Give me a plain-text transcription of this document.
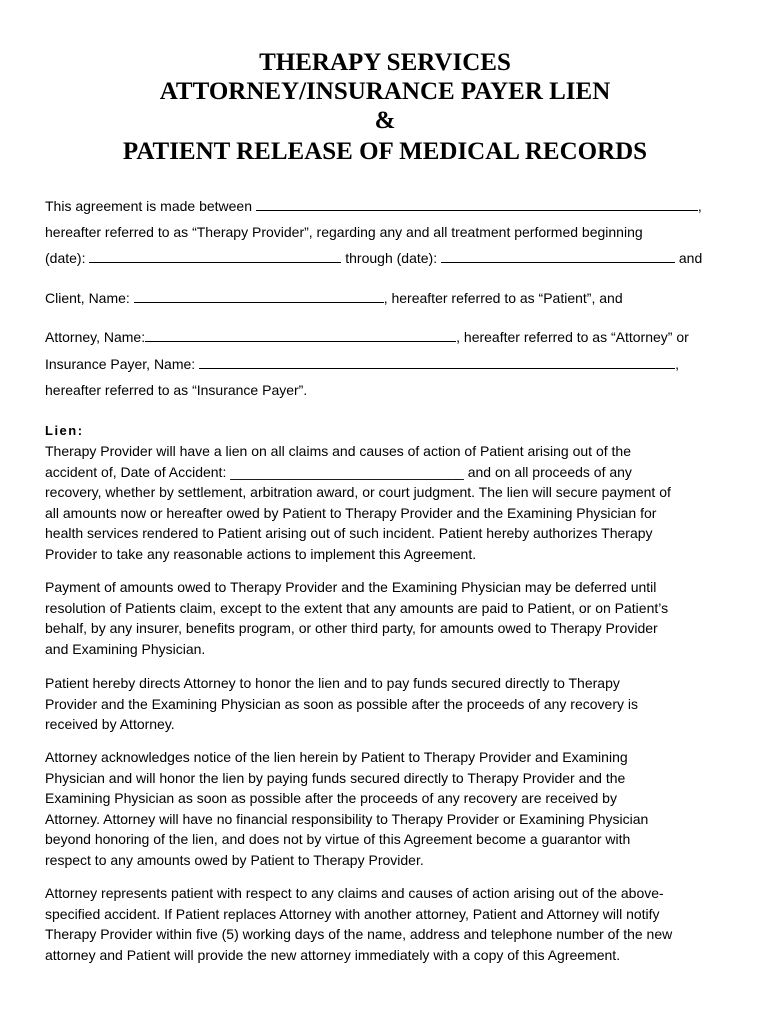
THERAPY SERVICES
ATTORNEY/INSURANCE PAYER LIEN
&
PATIENT RELEASE OF MEDICAL RECORDS
This agreement is made between	,
hereafter referred to as “Therapy Provider”, regarding any and all treatment performed beginning
(date):	through (date):	and
Client, Name:	, hereafter referred to as “Patient”, and
Attorney, Name:	, hereafter referred to as “Attorney” or
Insurance Payer, Name:	,
hereafter referred to as “Insurance Payer”.
Lien:
Therapy Provider will have a lien on all claims and causes of action of Patient arising out of the
accident of, Date of Accident: ______________________________ and on all proceeds of any
recovery, whether by settlement, arbitration award, or court judgment. The lien will secure payment of
all amounts now or hereafter owed by Patient to Therapy Provider and the Examining Physician for
health services rendered to Patient arising out of such incident. Patient hereby authorizes Therapy
Provider to take any reasonable actions to implement this Agreement.
Payment of amounts owed to Therapy Provider and the Examining Physician may be deferred until
resolution of Patients claim, except to the extent that any amounts are paid to Patient, or on Patient’s
behalf, by any insurer, benefits program, or other third party, for amounts owed to Therapy Provider
and Examining Physician.
Patient hereby directs Attorney to honor the lien and to pay funds secured directly to Therapy
Provider and the Examining Physician as soon as possible after the proceeds of any recovery is
received by Attorney.
Attorney acknowledges notice of the lien herein by Patient to Therapy Provider and Examining
Physician and will honor the lien by paying funds secured directly to Therapy Provider and the
Examining Physician as soon as possible after the proceeds of any recovery are received by
Attorney. Attorney will have no financial responsibility to Therapy Provider or Examining Physician
beyond honoring of the lien, and does not by virtue of this Agreement become a guarantor with
respect to any amounts owed by Patient to Therapy Provider.
Attorney represents patient with respect to any claims and causes of action arising out of the above-
specified accident. If Patient replaces Attorney with another attorney, Patient and Attorney will notify
Therapy Provider within five (5) working days of the name, address and telephone number of the new
attorney and Patient will provide the new attorney immediately with a copy of this Agreement.
